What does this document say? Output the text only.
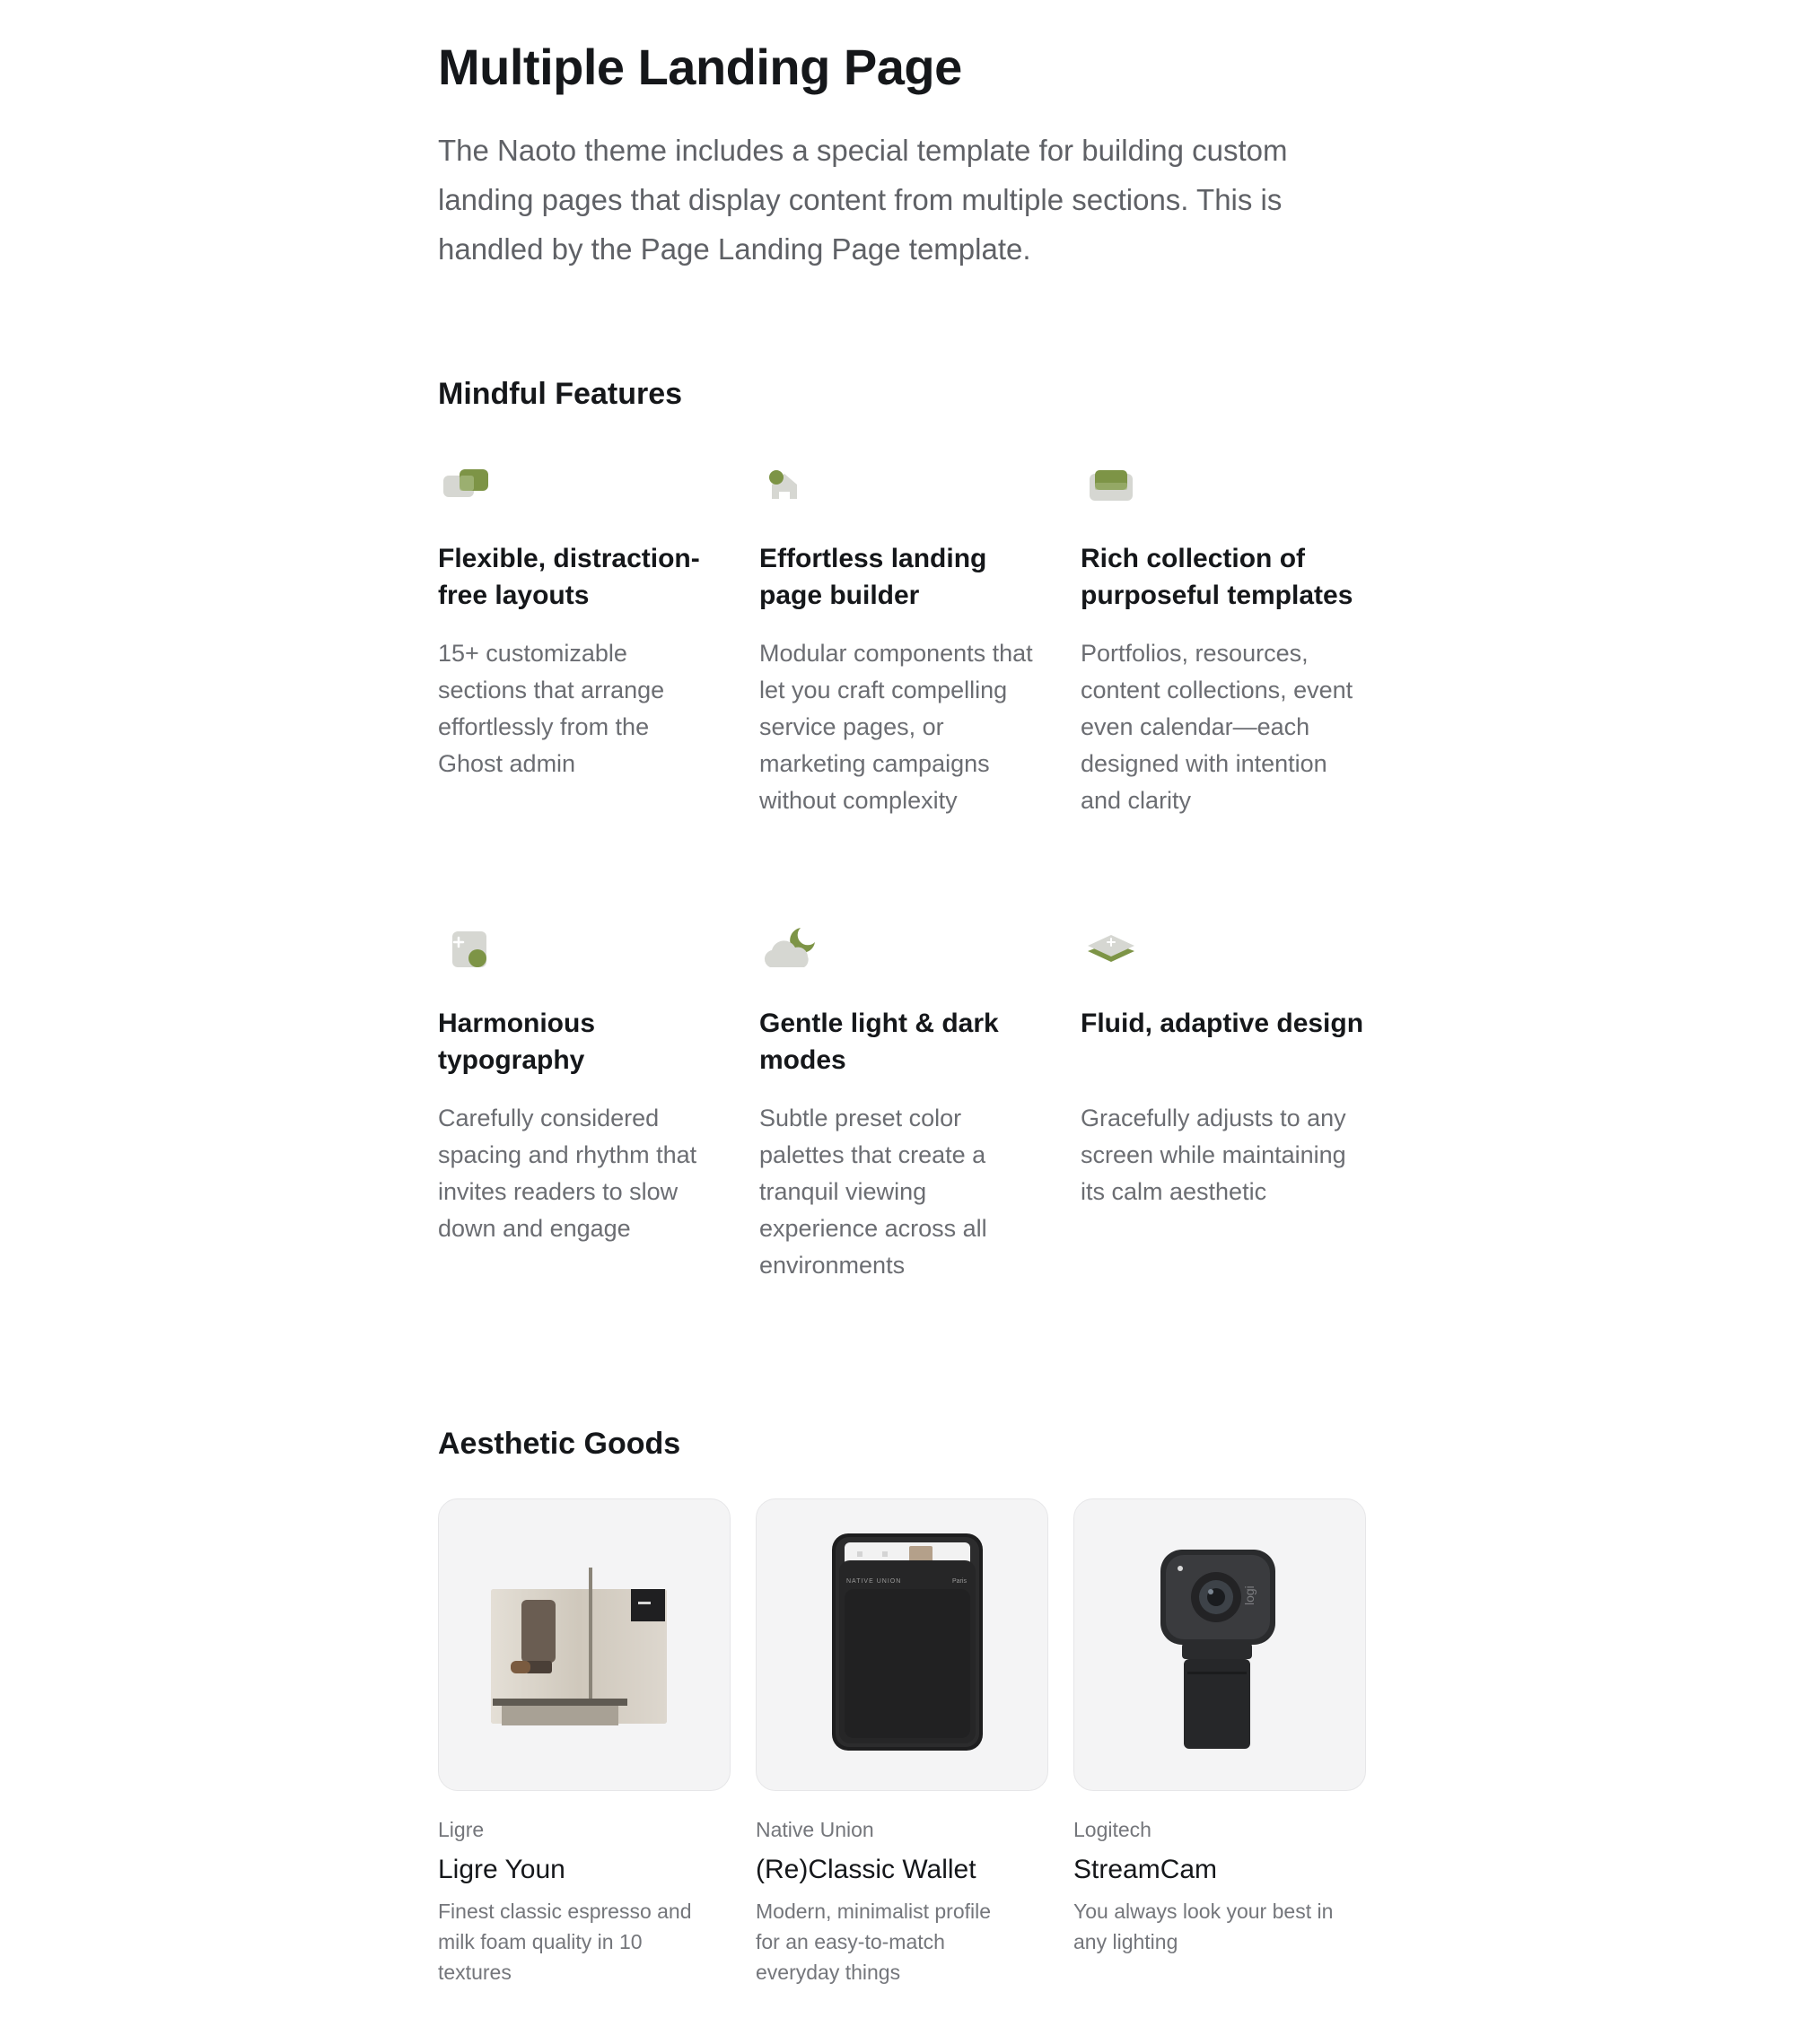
Multiple Landing Page

The Naoto theme includes a special template for building custom landing pages that display content from multiple sections. This is handled by the Page Landing Page template.

Mindful Features
Flexible, distraction-free layouts
15+ customizable sections that arrange effortlessly from the Ghost admin
Effortless landing page builder
Modular components that let you craft compelling service pages, or marketing campaigns without complexity
Rich collection of purposeful templates
Portfolios, resources, content collections, event even calendar—each designed with intention and clarity
Harmonious typography
Carefully considered spacing and rhythm that invites readers to slow down and engage
Gentle light & dark modes
Subtle preset color palettes that create a tranquil viewing experience across all environments
Fluid, adaptive design
Gracefully adjusts to any screen while maintaining its calm aesthetic
Aesthetic Goods
Ligre
Ligre Youn
Finest classic espresso and milk foam quality in 10 textures
NATIVE UNION	Paris
Native Union
(Re)Classic Wallet
Modern, minimalist profile for an easy-to-match everyday things
logi
Logitech
StreamCam
You always look your best in any lighting
